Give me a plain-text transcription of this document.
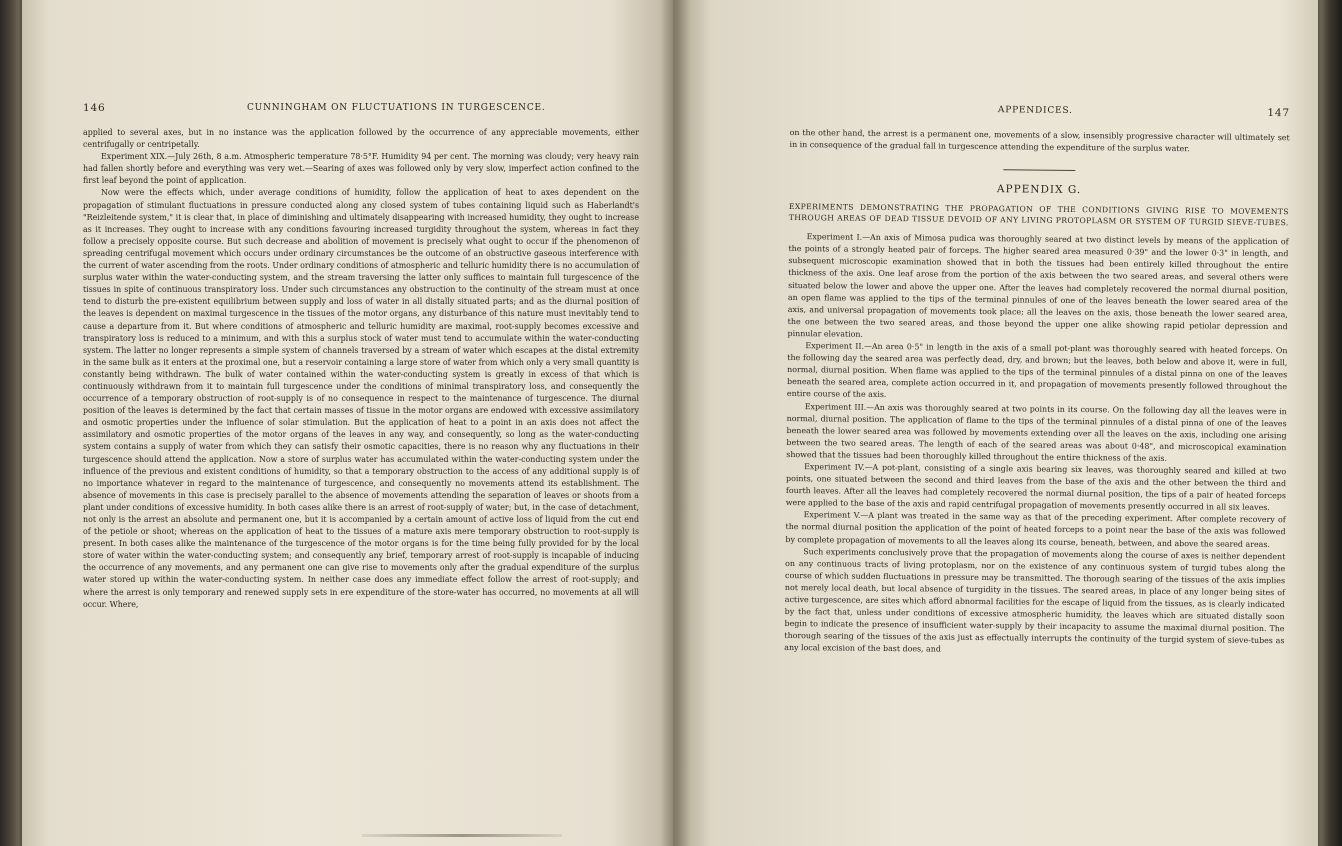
146	CUNNINGHAM ON FLUCTUATIONS IN TURGESCENCE.

applied to several axes, but in no instance was the application followed by the occurrence of any appreciable movements, either centrifugally or centripetally.

Experiment XIX.—July 26th, 8 a.m. Atmospheric temperature 78·5°F. Humidity 94 per cent. The morning was cloudy; very heavy rain had fallen shortly before and everything was very wet.—Searing of axes was followed only by very slow, imperfect action confined to the first leaf beyond the point of application.

Now were the effects which, under average conditions of humidity, follow the application of heat to axes dependent on the propagation of stimulant fluctuations in pressure conducted along any closed system of tubes containing liquid such as Haberlandt's "Reizleitende system," it is clear that, in place of diminishing and ultimately disappearing with increased humidity, they ought to increase as it increases. They ought to increase with any conditions favouring increased turgidity throughout the system, whereas in fact they follow a precisely opposite course. But such decrease and abolition of movement is precisely what ought to occur if the phenomenon of spreading centrifugal movement which occurs under ordinary circumstances be the outcome of an obstructive gaseous interference with the current of water ascending from the roots. Under ordinary conditions of atmospheric and telluric humidity there is no accumulation of surplus water within the water-conducting system, and the stream traversing the latter only suffices to maintain full turgescence of the tissues in spite of continuous transpiratory loss. Under such circumstances any obstruction to the continuity of the stream must at once tend to disturb the pre-existent equilibrium between supply and loss of water in all distally situated parts; and as the diurnal position of the leaves is dependent on maximal turgescence in the tissues of the motor organs, any disturbance of this nature must inevitably tend to cause a departure from it. But where conditions of atmospheric and telluric humidity are maximal, root-supply becomes excessive and transpiratory loss is reduced to a minimum, and with this a surplus stock of water must tend to accumulate within the water-conducting system. The latter no longer represents a simple system of channels traversed by a stream of water which escapes at the distal extremity in the same bulk as it enters at the proximal one, but a reservoir containing a large store of water from which only a very small quantity is constantly being withdrawn. The bulk of water contained within the water-conducting system is greatly in excess of that which is continuously withdrawn from it to maintain full turgescence under the conditions of minimal transpiratory loss, and consequently the occurrence of a temporary obstruction of root-supply is of no consequence in respect to the maintenance of turgescence. The diurnal position of the leaves is determined by the fact that certain masses of tissue in the motor organs are endowed with excessive assimilatory and osmotic properties under the influence of solar stimulation. But the application of heat to a point in an axis does not affect the assimilatory and osmotic properties of the motor organs of the leaves in any way, and consequently, so long as the water-conducting system contains a supply of water from which they can satisfy their osmotic capacities, there is no reason why any fluctuations in their turgescence should attend the application. Now a store of surplus water has accumulated within the water-conducting system under the influence of the previous and existent conditions of humidity, so that a temporary obstruction to the access of any additional supply is of no importance whatever in regard to the maintenance of turgescence, and consequently no movements attend its establishment. The absence of movements in this case is precisely parallel to the absence of movements attending the separation of leaves or shoots from a plant under conditions of excessive humidity. In both cases alike there is an arrest of root-supply of water; but, in the case of detachment, not only is the arrest an absolute and permanent one, but it is accompanied by a certain amount of active loss of liquid from the cut end of the petiole or shoot; whereas on the application of heat to the tissues of a mature axis mere temporary obstruction to root-supply is present. In both cases alike the maintenance of the turgescence of the motor organs is for the time being fully provided for by the local store of water within the water-conducting system; and consequently any brief, temporary arrest of root-supply is incapable of inducing the occurrence of any movements, and any permanent one can give rise to movements only after the gradual expenditure of the surplus water stored up within the water-conducting system. In neither case does any immediate effect follow the arrest of root-supply; and where the arrest is only temporary and renewed supply sets in ere expenditure of the store-water has occurred, no movements at all will occur. Where,

APPENDICES.	147

on the other hand, the arrest is a permanent one, movements of a slow, insensibly progressive character will ultimately set in in consequence of the gradual fall in turgescence attending the expenditure of the surplus water.

APPENDIX G.

EXPERIMENTS DEMONSTRATING THE PROPAGATION OF THE CONDITIONS GIVING RISE TO MOVEMENTS THROUGH AREAS OF DEAD TISSUE DEVOID OF ANY LIVING PROTOPLASM OR SYSTEM OF TURGID SIEVE-TUBES.

Experiment I.—An axis of Mimosa pudica was thoroughly seared at two distinct levels by means of the application of the points of a strongly heated pair of forceps. The higher seared area measured 0·39" and the lower 0·3" in length, and subsequent microscopic examination showed that in both the tissues had been entirely killed throughout the entire thickness of the axis. One leaf arose from the portion of the axis between the two seared areas, and several others were situated below the lower and above the upper one. After the leaves had completely recovered the normal diurnal position, an open flame was applied to the tips of the terminal pinnules of one of the leaves beneath the lower seared area of the axis, and universal propagation of movements took place; all the leaves on the axis, those beneath the lower seared area, the one between the two seared areas, and those beyond the upper one alike showing rapid petiolar depression and pinnular elevation.

Experiment II.—An area 0·5" in length in the axis of a small pot-plant was thoroughly seared with heated forceps. On the following day the seared area was perfectly dead, dry, and brown; but the leaves, both below and above it, were in full, normal, diurnal position. When flame was applied to the tips of the terminal pinnules of a distal pinna on one of the leaves beneath the seared area, complete action occurred in it, and propagation of movements presently followed throughout the entire course of the axis.

Experiment III.—An axis was thoroughly seared at two points in its course. On the following day all the leaves were in normal, diurnal position. The application of flame to the tips of the terminal pinnules of a distal pinna of one of the leaves beneath the lower seared area was followed by movements extending over all the leaves on the axis, including one arising between the two seared areas. The length of each of the seared areas was about 0·48", and microscopical examination showed that the tissues had been thoroughly killed throughout the entire thickness of the axis.

Experiment IV.—A pot-plant, consisting of a single axis bearing six leaves, was thoroughly seared and killed at two points, one situated between the second and third leaves from the base of the axis and the other between the third and fourth leaves. After all the leaves had completely recovered the normal diurnal position, the tips of a pair of heated forceps were applied to the base of the axis and rapid centrifugal propagation of movements presently occurred in all six leaves.

Experiment V.—A plant was treated in the same way as that of the preceding experiment. After complete recovery of the normal diurnal position the application of the point of heated forceps to a point near the base of the axis was followed by complete propagation of movements to all the leaves along its course, beneath, between, and above the seared areas.

Such experiments conclusively prove that the propagation of movements along the course of axes is neither dependent on any continuous tracts of living protoplasm, nor on the existence of any continuous system of turgid tubes along the course of which sudden fluctuations in pressure may be transmitted. The thorough searing of the tissues of the axis implies not merely local death, but local absence of turgidity in the tissues. The seared areas, in place of any longer being sites of active turgescence, are sites which afford abnormal facilities for the escape of liquid from the tissues, as is clearly indicated by the fact that, unless under conditions of excessive atmospheric humidity, the leaves which are situated distally soon begin to indicate the presence of insufficient water-supply by their incapacity to assume the maximal diurnal position. The thorough searing of the tissues of the axis just as effectually interrupts the continuity of the turgid system of sieve-tubes as any local excision of the bast does, and
